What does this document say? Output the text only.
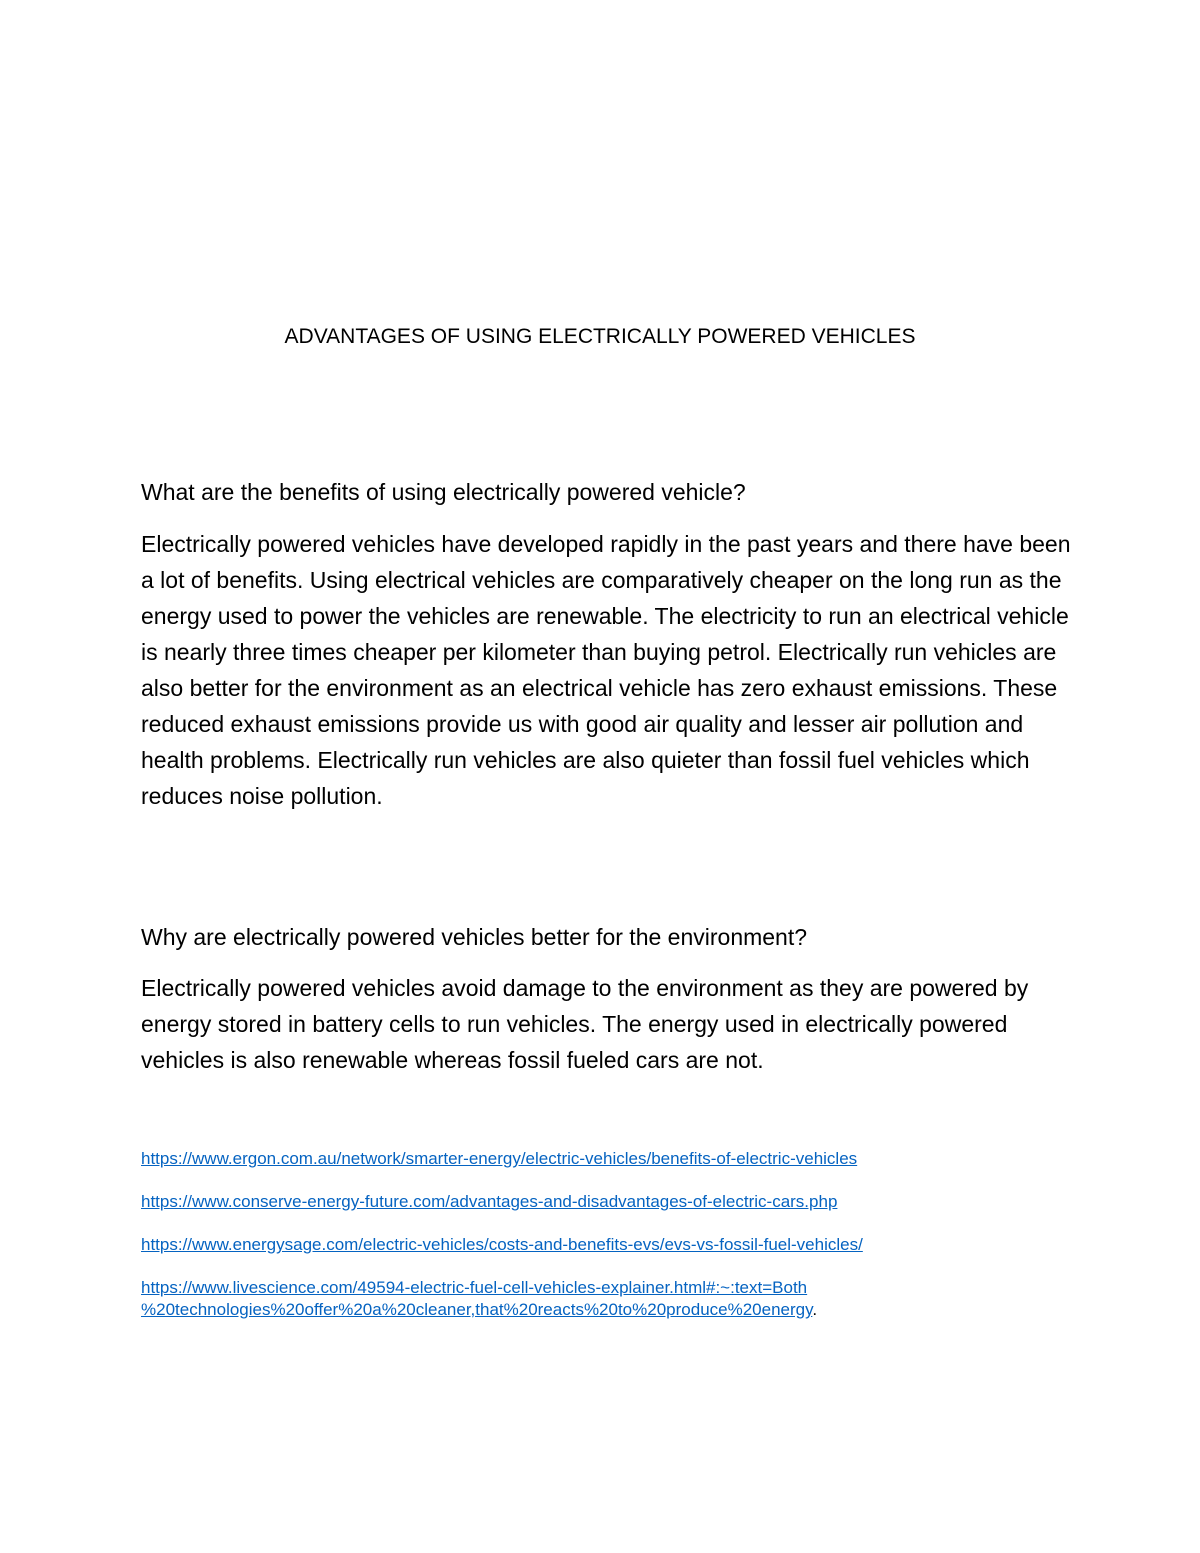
ADVANTAGES OF USING ELECTRICALLY POWERED VEHICLES

What are the benefits of using electrically powered vehicle?

Electrically powered vehicles have developed rapidly in the past years and there have been a lot of benefits. Using electrical vehicles are comparatively cheaper on the long run as the energy used to power the vehicles are renewable. The electricity to run an electrical vehicle is nearly three times cheaper per kilometer than buying petrol. Electrically run vehicles are also better for the environment as an electrical vehicle has zero exhaust emissions. These reduced exhaust emissions provide us with good air quality and lesser air pollution and health problems. Electrically run vehicles are also quieter than fossil fuel vehicles which reduces noise pollution.

Why are electrically powered vehicles better for the environment?

Electrically powered vehicles avoid damage to the environment as they are powered by energy stored in battery cells to run vehicles. The energy used in electrically powered vehicles is also renewable whereas fossil fueled cars are not.

https://www.ergon.com.au/network/smarter-energy/electric-vehicles/benefits-of-electric-vehicles
https://www.conserve-energy-future.com/advantages-and-disadvantages-of-electric-cars.php
https://www.energysage.com/electric-vehicles/costs-and-benefits-evs/evs-vs-fossil-fuel-vehicles/
https://www.livescience.com/49594-electric-fuel-cell-vehicles-explainer.html#:~:text=Both
%20technologies%20offer%20a%20cleaner,that%20reacts%20to%20produce%20energy.
